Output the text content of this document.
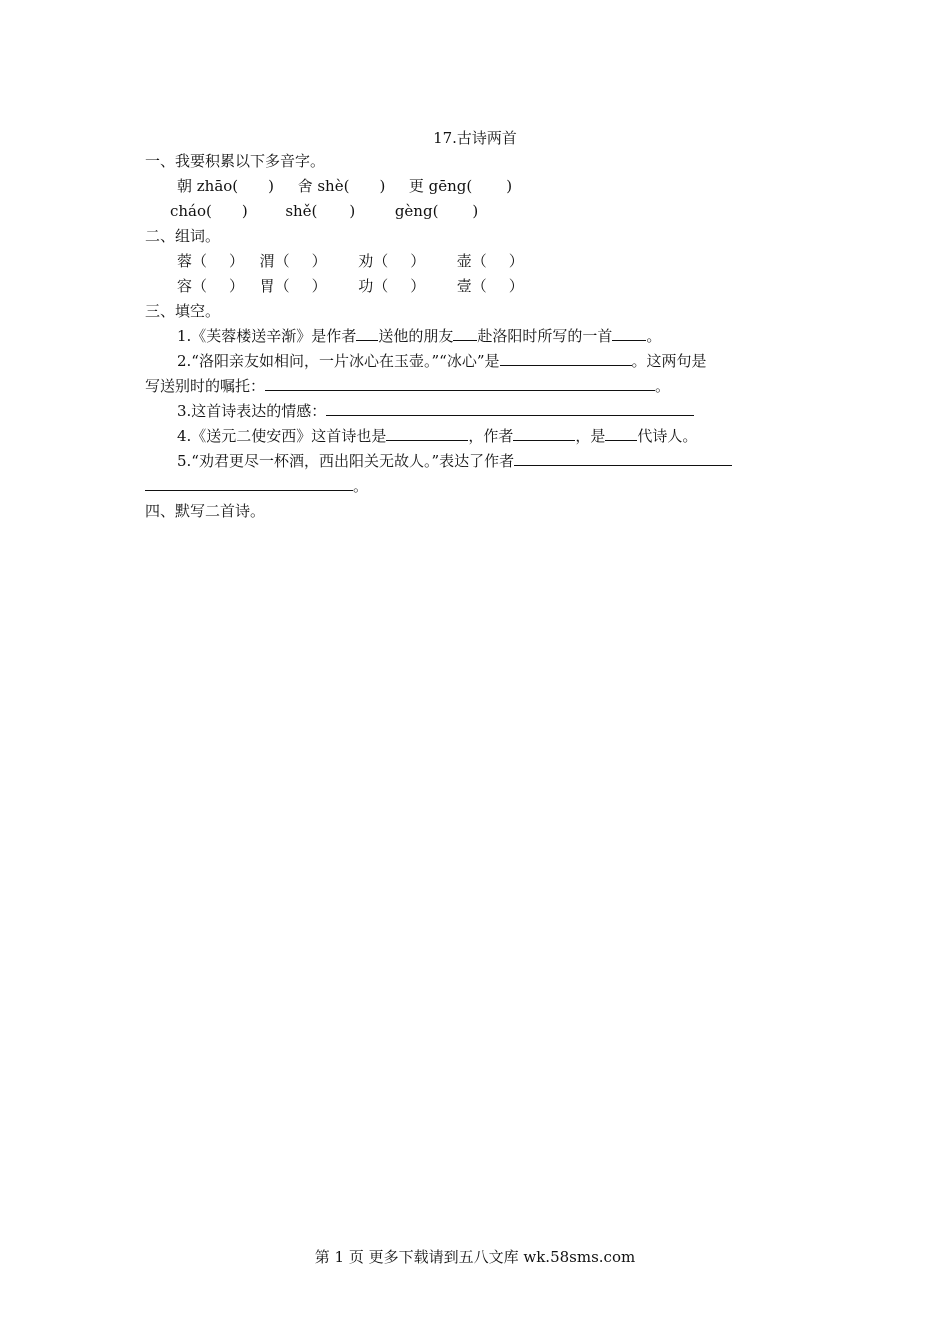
17.古诗两首
一、我要积累以下多音字。
朝 zhāo( ) 舍 shè( ) 更 gēng( )
cháo( )	shě( )	gèng( )
二、组词。
蓉（ ） 渭（ ） 劝（ ） 壶（ ）
容（ ） 胃（ ） 功（ ） 壹（ ）
三、填空。
1.《芙蓉楼送辛渐》是作者 送他的朋友 赴洛阳时所写的一首 。
2.“洛阳亲友如相问，一片冰心在玉壶。”“冰心”是	。这两句是
写送别时的嘱托：	。
3.这首诗表达的情感：
4.《送元二使安西》这首诗也是	，作者	，是 代诗人。
5.“劝君更尽一杯酒，西出阳关无故人。”表达了作者
。
四、默写二首诗。
第 1 页 更多下载请到五八文库 wk.58sms.com
